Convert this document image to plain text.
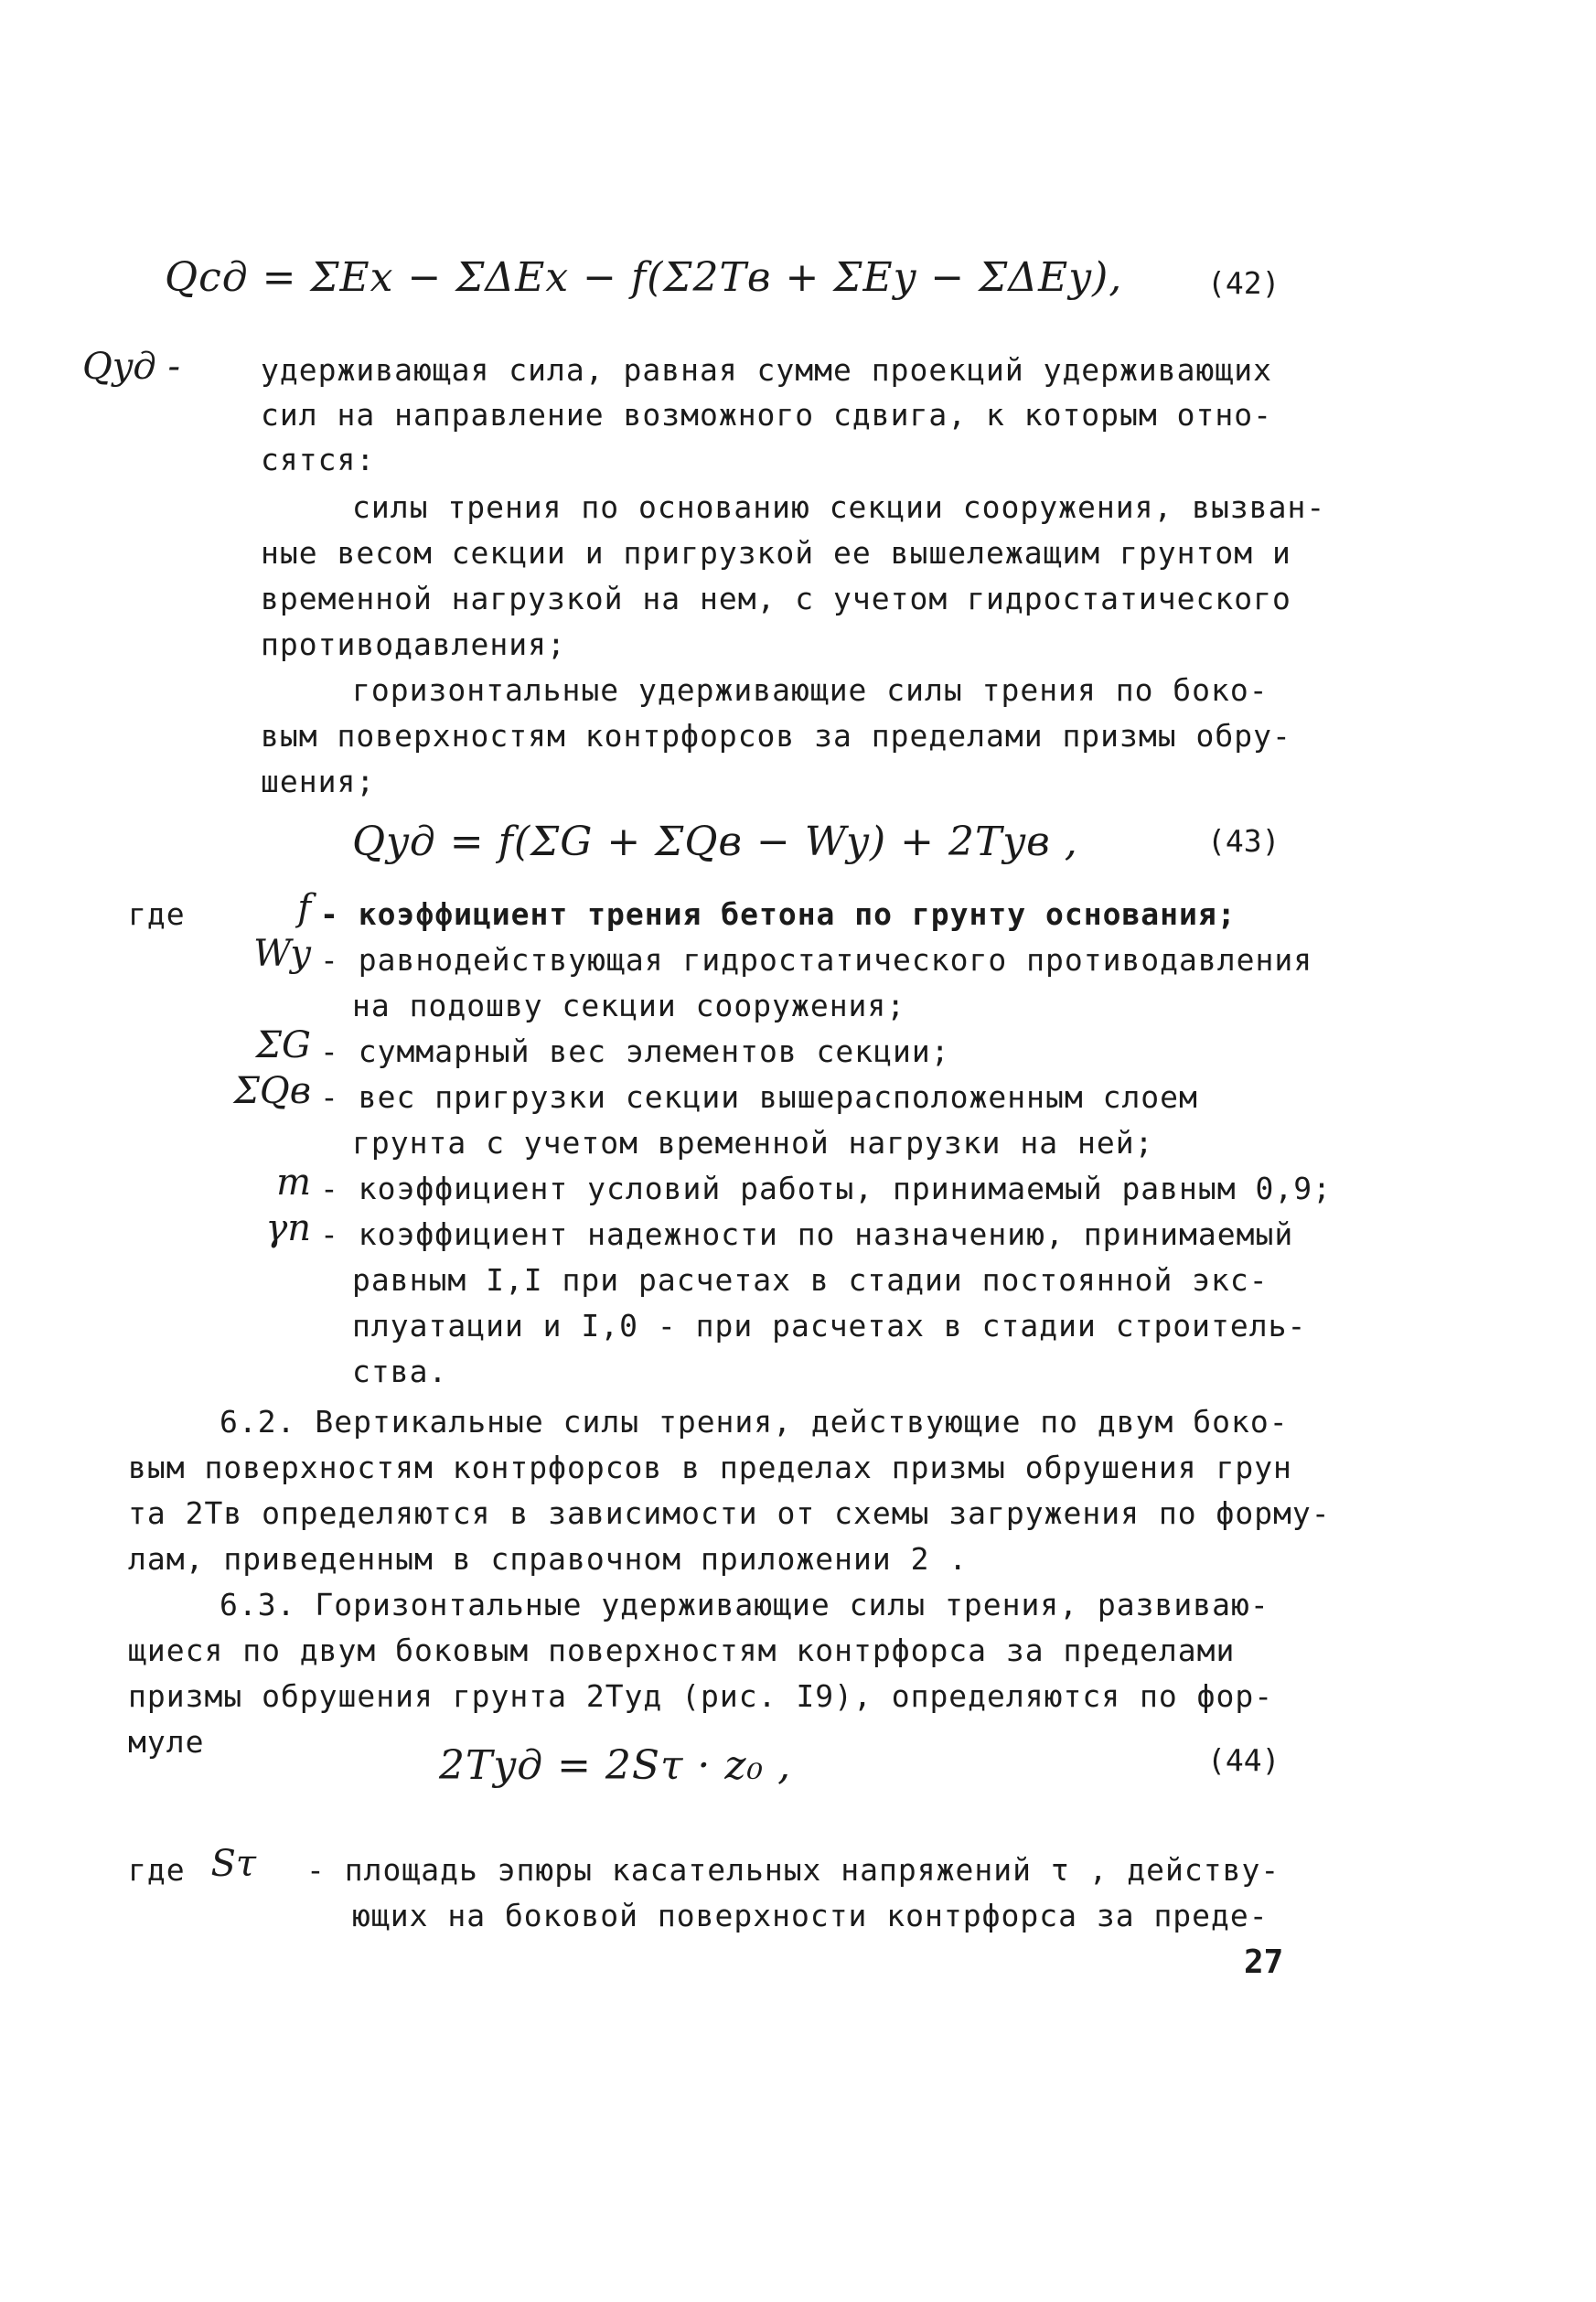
Qсд = ΣEx − ΣΔEx − f(Σ2Tв + ΣEy − ΣΔEy),	(42)
Qyд -	удерживающая сила, равная сумме проекций удерживающих
сил на направление возможного сдвига, к которым отно-
сятся:
силы трения по основанию секции сооружения, вызван-
ные весом секции и пригрузкой ее вышележащим грунтом и
временной нагрузкой на нем, с учетом гидростатического
противодавления;
горизонтальные удерживающие силы трения по боко-
вым поверхностям контрфорсов за пределами призмы обру-
шения;
Qyд = f(ΣG + ΣQв − Wy) + 2Tyв ,	(43)
где	f - коэффициент трения бетона по грунту основания;
Wy - равнодействующая гидростатического противодавления
на подошву секции сооружения;
ΣG - суммарный вес элементов секции;
ΣQв - вес пригрузки секции вышерасположенным слоем
грунта с учетом временной нагрузки на ней;
m - коэффициент условий работы, принимаемый равным 0,9;
γn - коэффициент надежности по назначению, принимаемый
равным I,I при расчетах в стадии постоянной экс-
плуатации и I,0 - при расчетах в стадии строитель-
ства.
6.2. Вертикальные силы трения, действующие по двум боко-
вым поверхностям контрфорсов в пределах призмы обрушения грун
та 2Tв определяются в зависимости от схемы загружения по форму-
лам, приведенным в справочном приложении 2 .
6.3. Горизонтальные удерживающие силы трения, развиваю-
щиеся по двум боковым поверхностям контрфорса за пределами
призмы обрушения грунта 2Tyд (рис. I9), определяются по фор-
муле
2Tyд = 2Sτ · z₀ ,	(44)
где Sτ - площадь эпюры касательных напряжений τ , действу-
ющих на боковой поверхности контрфорса за преде-
27
